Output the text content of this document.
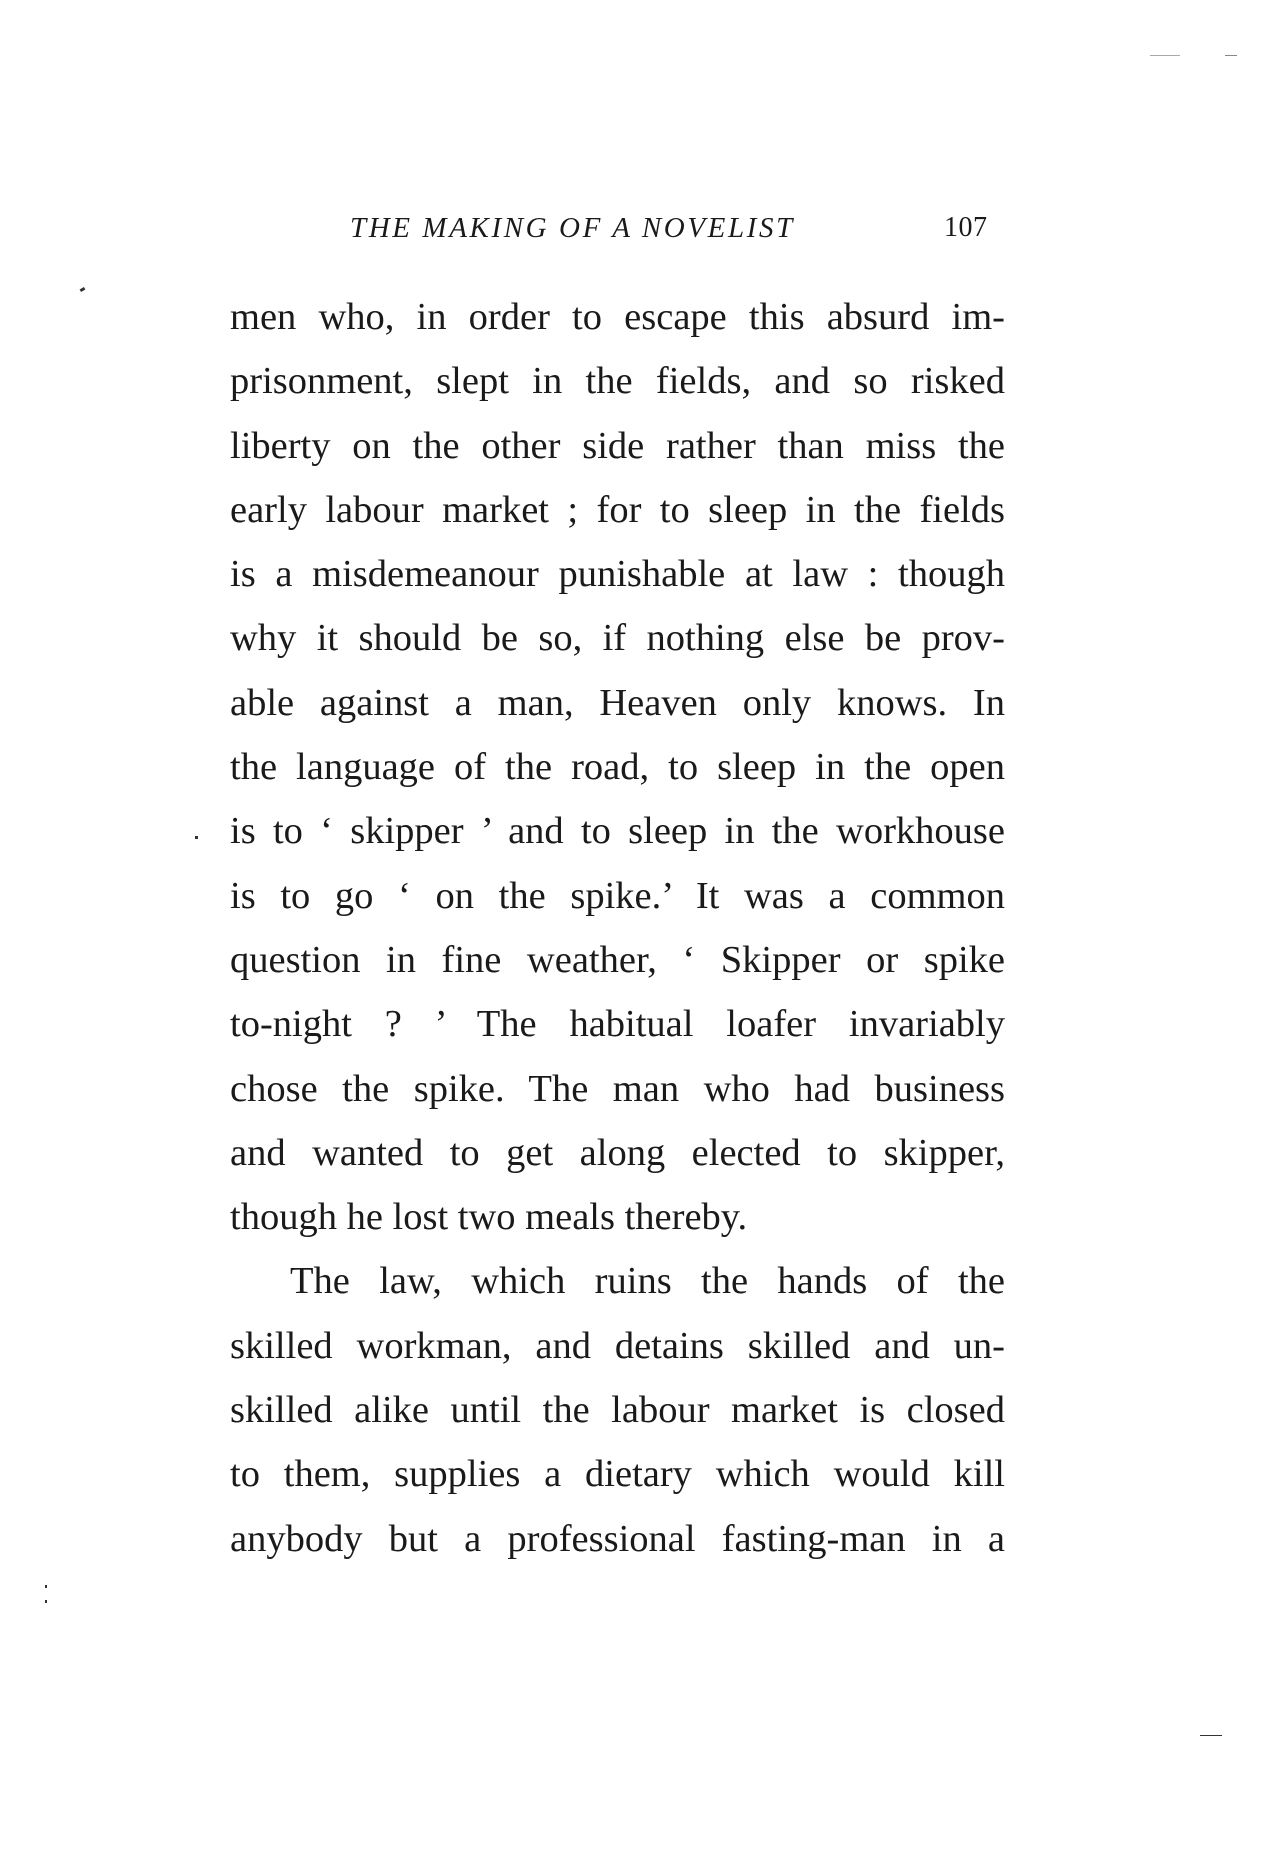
THE MAKING OF A NOVELIST	107
men who, in order to escape this absurd im-
prisonment, slept in the fields, and so risked
liberty on the other side rather than miss the
early labour market ; for to sleep in the fields
is a misdemeanour punishable at law : though
why it should be so, if nothing else be prov-
able against a man, Heaven only knows. In
the language of the road, to sleep in the open
is to ‘ skipper ’ and to sleep in the workhouse
is to go ‘ on the spike.’ It was a common
question in fine weather, ‘ Skipper or spike
to-night ? ’ The habitual loafer invariably
chose the spike. The man who had business
and wanted to get along elected to skipper,
though he lost two meals thereby.
The law, which ruins the hands of the
skilled workman, and detains skilled and un-
skilled alike until the labour market is closed
to them, supplies a dietary which would kill
anybody but a professional fasting-man in a
